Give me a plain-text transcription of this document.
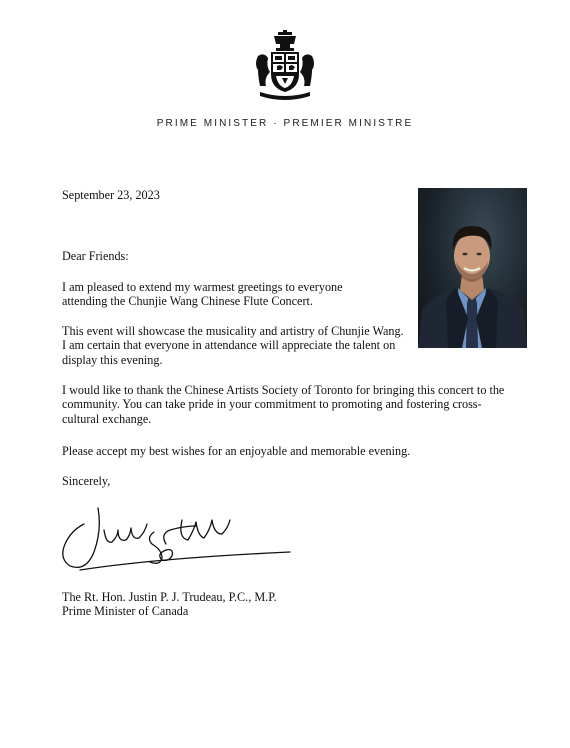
PRIME MINISTER · PREMIER MINISTRE

September 23, 2023

Dear Friends:

I am pleased to extend my warmest greetings to everyone attending the Chunjie Wang Chinese Flute Concert.

This event will showcase the musicality and artistry of Chunjie Wang. I am certain that everyone in attendance will appreciate the talent on display this evening.

I would like to thank the Chinese Artists Society of Toronto for bringing this concert to the community. You can take pride in your commitment to promoting and fostering cross-cultural exchange.

Please accept my best wishes for an enjoyable and memorable evening.

Sincerely,

The Rt. Hon. Justin P. J. Trudeau, P.C., M.P.

Prime Minister of Canada
